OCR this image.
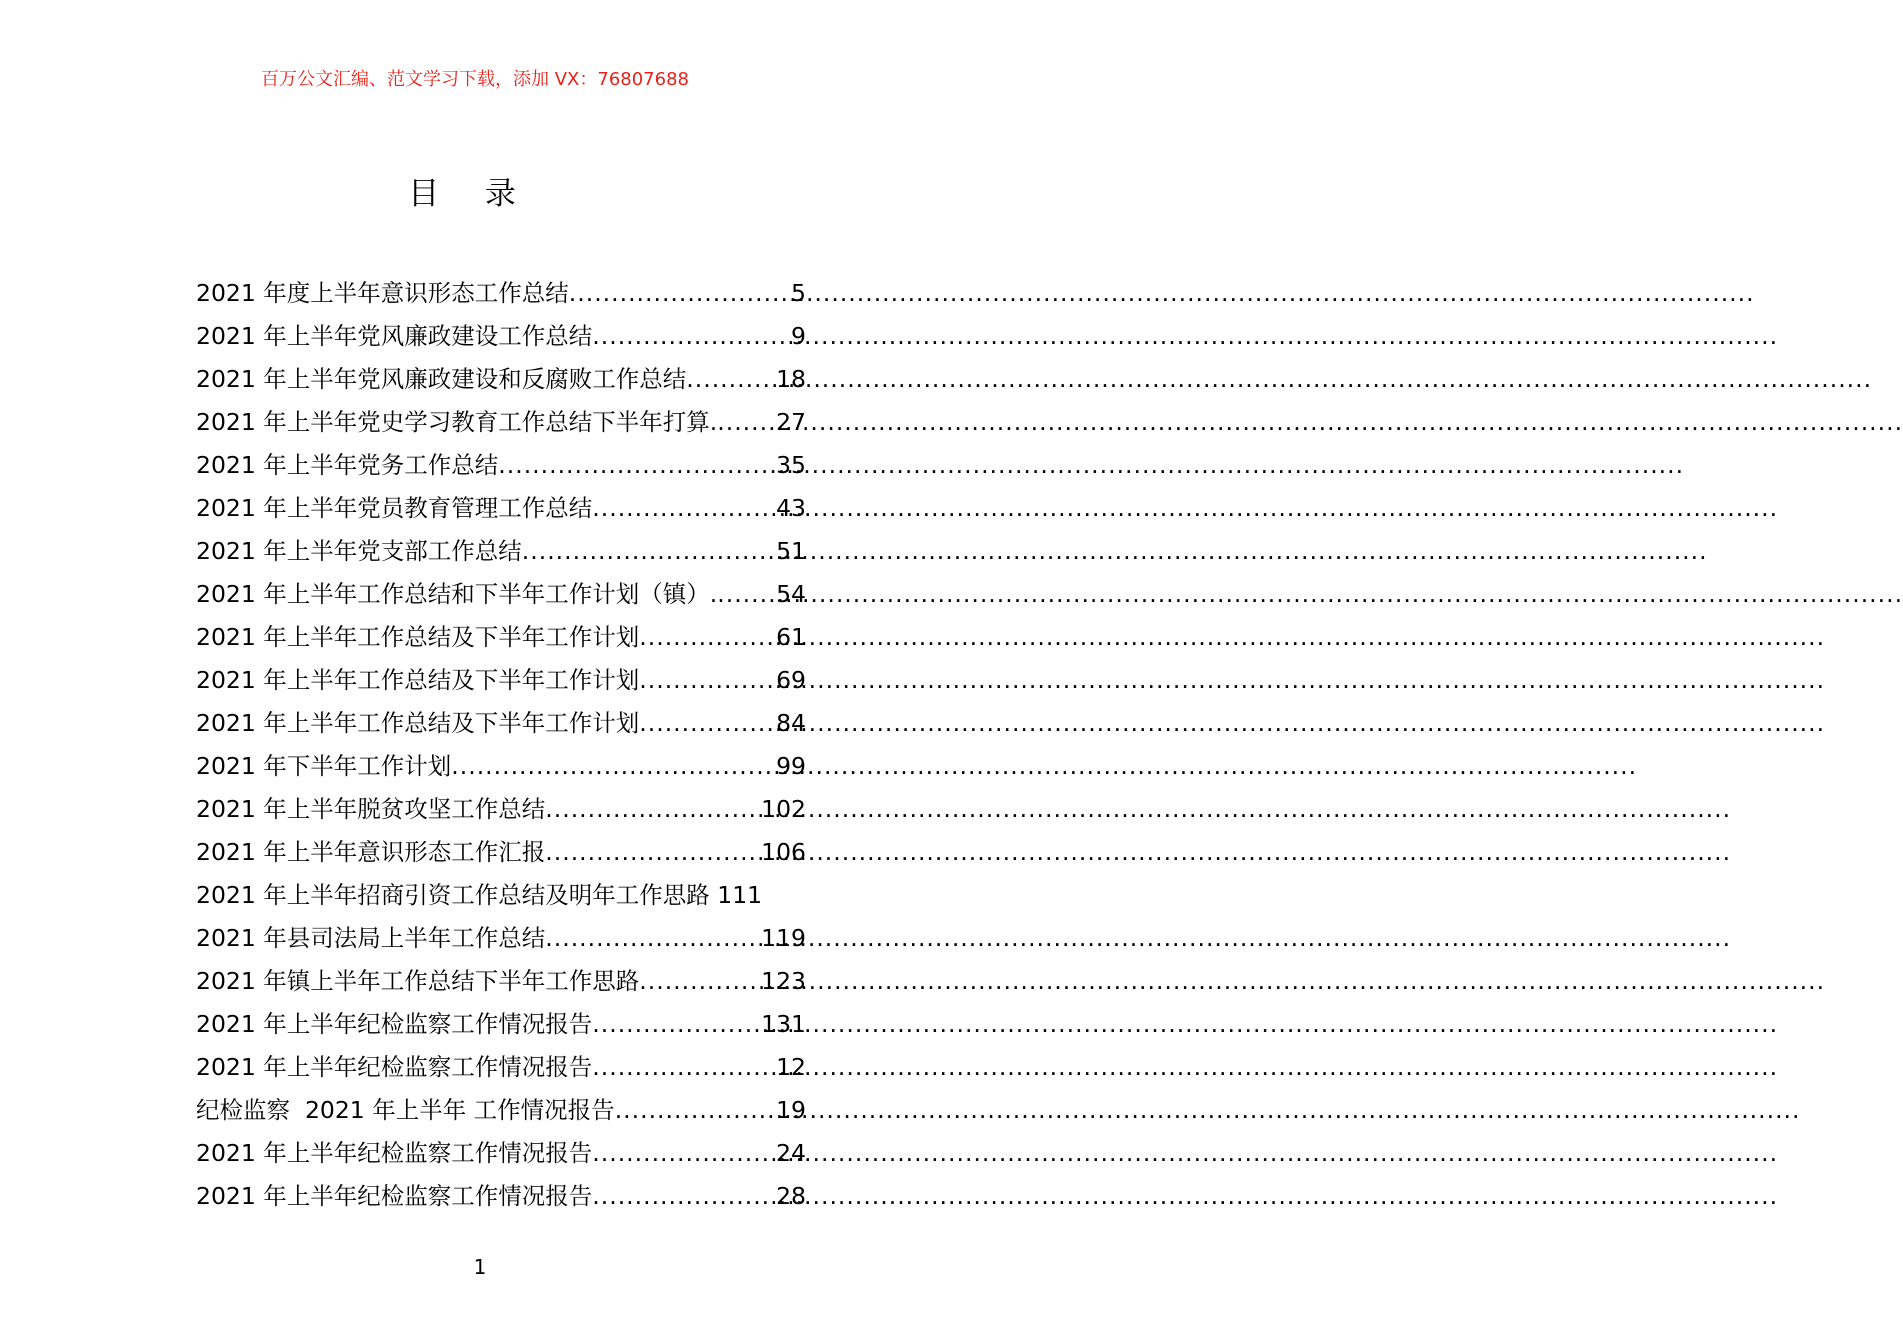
百万公文汇编、范文学习下载，添加 VX：76807688
目 录
2021 年度上半年意识形态工作总结 .....	5
2021 年上半年党风廉政建设工作总结 .....	9
2021 年上半年党风廉政建设和反腐败工作总结 .....	18
2021 年上半年党史学习教育工作总结下半年打算. .....	27
2021 年上半年党务工作总结 .....	35
2021 年上半年党员教育管理工作总结 .....	43
2021 年上半年党支部工作总结 .....	51
2021 年上半年工作总结和下半年工作计划（镇）. .....	54
2021 年上半年工作总结及下半年工作计划 .....	61
2021 年上半年工作总结及下半年工作计划 .....	69
2021 年上半年工作总结及下半年工作计划 .....	84
2021 年下半年工作计划 .....	99
2021 年上半年脱贫攻坚工作总结 .....	102
2021 年上半年意识形态工作汇报 .....	106
2021 年上半年招商引资工作总结及明年工作思路 111
2021 年县司法局上半年工作总结 .....	119
2021 年镇上半年工作总结下半年工作思路 .....	123
2021 年上半年纪检监察工作情况报告 .....	131
2021 年上半年纪检监察工作情况报告 .....	12
纪检监察  2021 年上半年 工作情况报告 .....	19
2021 年上半年纪检监察工作情况报告 .....	24
2021 年上半年纪检监察工作情况报告 .....	28
1
